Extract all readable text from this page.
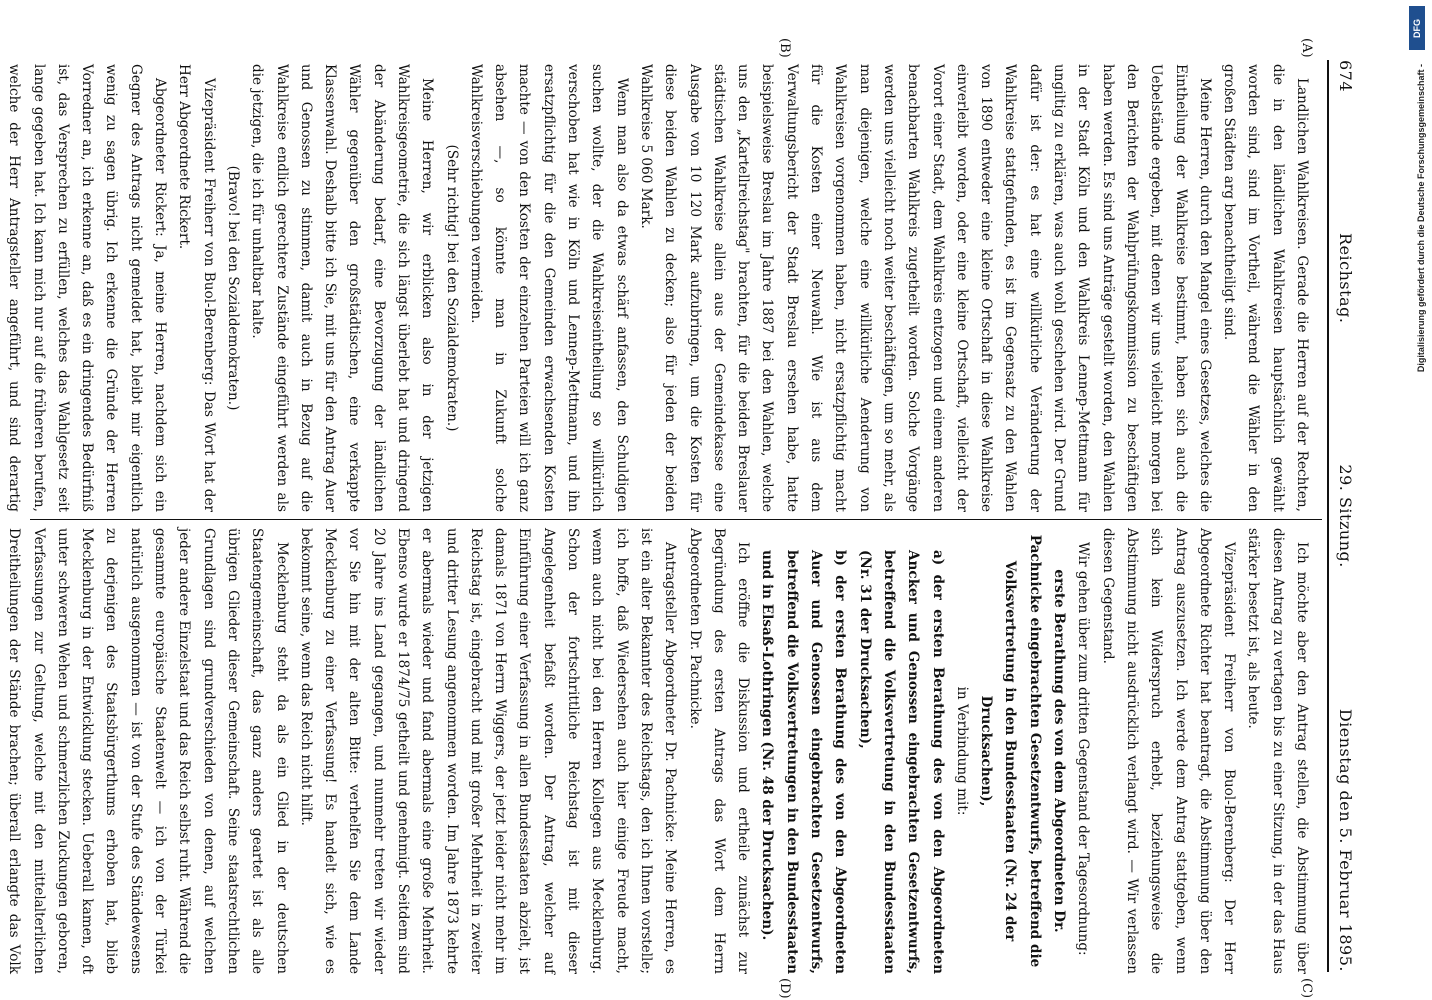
674
Reichstag.
29. Sitzung.
Dienstag den 5. Februar 1895.
(A)
(B)
(C)
(D)

Landlichen Wahlkreisen. Gerade die Herren auf der Rechten, die in den ländlichen Wahlkreisen hauptsächlich gewählt worden sind, sind im Vortheil, während die Wähler in den großen Städten arg benachtheiligt sind.

Meine Herren, durch den Mangel eines Gesetzes, welches die Eintheilung der Wahlkreise bestimmt, haben sich auch die Uebelstände ergeben, mit denen wir uns vielleicht morgen bei den Berichten der Wahlprüfungskommission zu beschäftigen haben werden. Es sind uns Anträge gestellt worden, den Wahlen in der Stadt Köln und den Wahlkreis Lennep-Mettmann für ungiltig zu erklären, was auch wohl geschehen wird. Der Grund dafür ist der: es hat eine willkürliche Veränderung der Wahlkreise stattgefunden, es ist im Gegensatz zu den Wahlen von 1890 entweder eine kleine Ortschaft in diese Wahlkreise einverleibt worden, oder eine kleine Ortschaft, vielleicht der Vorort einer Stadt, dem Wahlkreis entzogen und einem anderen benachbarten Wahlkreis zugetheilt worden. Solche Vorgänge werden uns vielleicht noch weiter beschäftigen, um so mehr, als man diejenigen, welche eine willkürliche Aenderung von Wahlkreisen vorgenommen haben, nicht ersatzpflichtig macht für die Kosten einer Neuwahl. Wie ist aus dem Verwaltungsbericht der Stadt Breslau ersehen habe, hatte beispielsweise Breslau im Jahre 1887 bei den Wahlen, welche uns den „Kartellreichstag" brachten, für die beiden Breslauer städtischen Wahlkreise allein aus der Gemeindekasse eine Ausgabe von 10 120 Mark aufzubringen, um die Kosten für diese beiden Wahlen zu decken; also für jeden der beiden Wahlkreise 5 060 Mark.

Wenn man also da etwas schärf anfassen, den Schuldigen suchen wollte, der die Wahlkreiseintheilung so willkürlich verschoben hat wie in Köln und Lennep-Mettmann, und ihn ersatzpflichtig für die den Gemeinden erwachsenden Kosten machte — von den Kosten der einzelnen Parteien will ich ganz absehen —, so könnte man in Zukunft solche Wahlkreisverschiebungen vermeiden.

(Sehr richtig! bei den Sozialdemokraten.)

Meine Herren, wir erblicken also in der jetzigen Wahlkreisgeometrie, die sich längst überlebt hat und dringend der Abänderung bedarf, eine Bevorzugung der ländlichen Wähler gegenüber den großstädtischen, eine verkappte Klassenwahl. Deshalb bitte ich Sie, mit uns für den Antrag Auer und Genossen zu stimmen, damit auch in Bezug auf die Wahlkreise endlich gerechtere Zustände eingeführt werden als die jetzigen, die ich für unhaltbar halte.

(Bravo! bei den Sozialdemokraten.)

Vizepräsident Freiherr von Buol-Berenberg: Das Wort hat der Herr Abgeordnete Rickert.

Abgeordneter Rickert: Ja, meine Herren, nachdem sich ein Gegner des Antrags nicht gemeldet hat, bleibt mir eigentlich wenig zu sagen übrig. Ich erkenne die Gründe der Herren Vorredner an, ich erkenne an, daß es ein dringendes Bedürfniß ist, das Versprechen zu erfüllen, welches das Wahlgesetz seit lange gegeben hat. Ich kann mich nur auf die früheren berufen, welche der Herr Antragsteller angeführt, und sind derartig

Ich möchte aber den Antrag stellen, die Abstimmung über diesen Antrag zu vertagen bis zu einer Sitzung, in der das Haus stärker besetzt ist, als heute.

Vizepräsident Freiherr von Buol-Berenberg: Der Herr Abgeordnete Richter hat beantragt, die Abstimmung über den Antrag auszusetzen. Ich werde dem Antrag stattgeben, wenn sich kein Widerspruch erhebt, beziehungsweise die Abstimmung nicht ausdrücklich verlangt wird. — Wir verlassen diesen Gegenstand.

Wir gehen über zum dritten Gegenstand der Tagesordnung:

erste Berathung des von dem Abgeordneten Dr. Pachnicke eingebrachten Gesetzentwurfs, betreffend die Volksvertretung in den Bundesstaaten (Nr. 24 der Drucksachen),

in Verbindung mit:

a) der ersten Berathung des von den Abgeordneten Ancker und Genossen eingebrachten Gesetzentwurfs, betreffend die Volksvertretung in den Bundesstaaten (Nr. 31 der Drucksachen),

b) der ersten Berathung des von den Abgeordneten Auer und Genossen eingebrachten Gesetzentwurfs, betreffend die Volksvertretungen in den Bundesstaaten und in Elsaß-Lothringen (Nr. 48 der Drucksachen).

Ich eröffne die Diskussion und ertheile zunächst zur Begründung des ersten Antrags das Wort dem Herrn Abgeordneten Dr. Pachnicke.

Antragsteller Abgeordneter Dr. Pachnicke: Meine Herren, es ist ein alter Bekannter des Reichstags, den ich Ihnen vorstelle; ich hoffe, daß Wiedersehen auch hier einige Freude macht, wenn auch nicht bei den Herren Kollegen aus Mecklenburg. Schon der fortschrittliche Reichstag ist mit dieser Angelegenheit befaßt worden. Der Antrag, welcher auf Einführung einer Verfassung in allen Bundesstaaten abzielt, ist damals 1871 von Herrn Wiggers, der jetzt leider nicht mehr im Reichstag ist, eingebracht und mit großer Mehrheit in zweiter und dritter Lesung angenommen worden. Im Jahre 1873 kehrte er abermals wieder und fand abermals eine große Mehrheit. Ebenso wurde er 1874/75 getheilt und genehmigt. Seitdem sind 20 Jahre ins Land gegangen, und nunmehr treten wir wieder vor Sie hin mit der alten Bitte: verhelfen Sie dem Lande Mecklenburg zu einer Verfassung! Es handelt sich, wie es bekommt seine, wenn das Reich nicht hilft.

Mecklenburg steht da als ein Glied in der deutschen Staatengemeinschaft, das ganz anders geartet ist als alle übrigen Glieder dieser Gemeinschaft. Seine staatsrechtlichen Grundlagen sind grundverschieden von denen, auf welchen jeder andere Einzelstaat und das Reich selbst ruht. Während die gesammte europäische Staatenwelt — ich von der Türkei natürlich ausgenommen — ist von der Stufe des Ständewesens zu derjenigen des Staatsbürgerthums erhoben hat, blieb Mecklenburg in der Entwicklung stecken. Ueberall kamen, oft unter schweren Wehen und schmerzlichen Zuckungen geboren, Verfassungen zur Geltung, welche mit den mittelalterlichen Dreitheilungen der Stände brachen; überall erlangte das Volk

Digitalisierung gefördert durch die Deutsche Forschungsgemeinschaft -
DFG
